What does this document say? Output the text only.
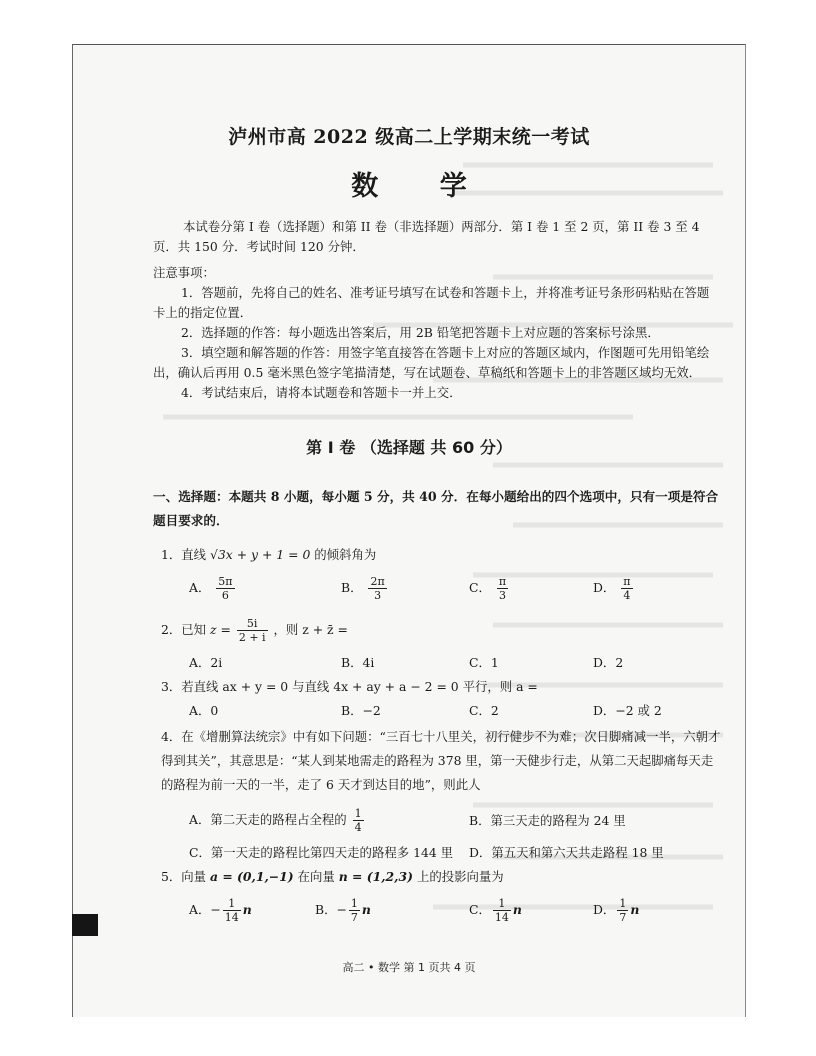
泸州市高 2022 级高二上学期末统一考试
数 学
本试卷分第 I 卷（选择题）和第 II 卷（非选择题）两部分．第 I 卷 1 至 2 页，第 II 卷 3 至 4 页．共 150 分．考试时间 120 分钟．
注意事项：
1．答题前，先将自己的姓名、准考证号填写在试卷和答题卡上，并将准考证号条形码粘贴在答题卡上的指定位置．
2．选择题的作答：每小题选出答案后，用 2B 铅笔把答题卡上对应题的答案标号涂黑．
3．填空题和解答题的作答：用签字笔直接答在答题卡上对应的答题区域内，作图题可先用铅笔绘出，确认后再用 0.5 毫米黑色签字笔描清楚，写在试题卷、草稿纸和答题卡上的非答题区域均无效．
4．考试结束后，请将本试题卷和答题卡一并上交．
第 Ⅰ 卷 （选择题 共 60 分）
一、选择题：本题共 8 小题，每小题 5 分，共 40 分．在每小题给出的四个选项中，只有一项是符合题目要求的．
1．直线 √3x + y + 1 = 0 的倾斜角为
A． $\frac{5\pi}{6}$	B． $\frac{2\pi}{3}$	C． $\frac{\pi}{3}$	D． $\frac{\pi}{4}$
2．已知 $z = \frac{5i}{2 + i}$ ，则 z + z̄ =
A．2i	B．4i	C．1	D．2
3．若直线 ax + y = 0 与直线 4x + ay + a − 2 = 0 平行，则 a =
A．0	B．−2	C．2	D．−2 或 2
4．在《增删算法统宗》中有如下问题：“三百七十八里关，初行健步不为难；次日脚痛减一半，六朝才得到其关”，其意思是：“某人到某地需走的路程为 378 里，第一天健步行走，从第二天起脚痛每天走的路程为前一天的一半，走了 6 天才到达目的地”，则此人
A．第二天走的路程占全程的 $\frac{1}{4}$	B．第三天走的路程为 24 里
C．第一天走的路程比第四天走的路程多 144 里 D．第五天和第六天共走路程 18 里
5．向量 a = (0,1,−1) 在向量 n = (1,2,3) 上的投影向量为
A．− $\frac{1}{14}$ n	B．− $\frac{1}{7}$ n	C． $\frac{1}{14}$ n	D． $\frac{1}{7}$ n
高二 • 数学 第 1 页共 4 页
